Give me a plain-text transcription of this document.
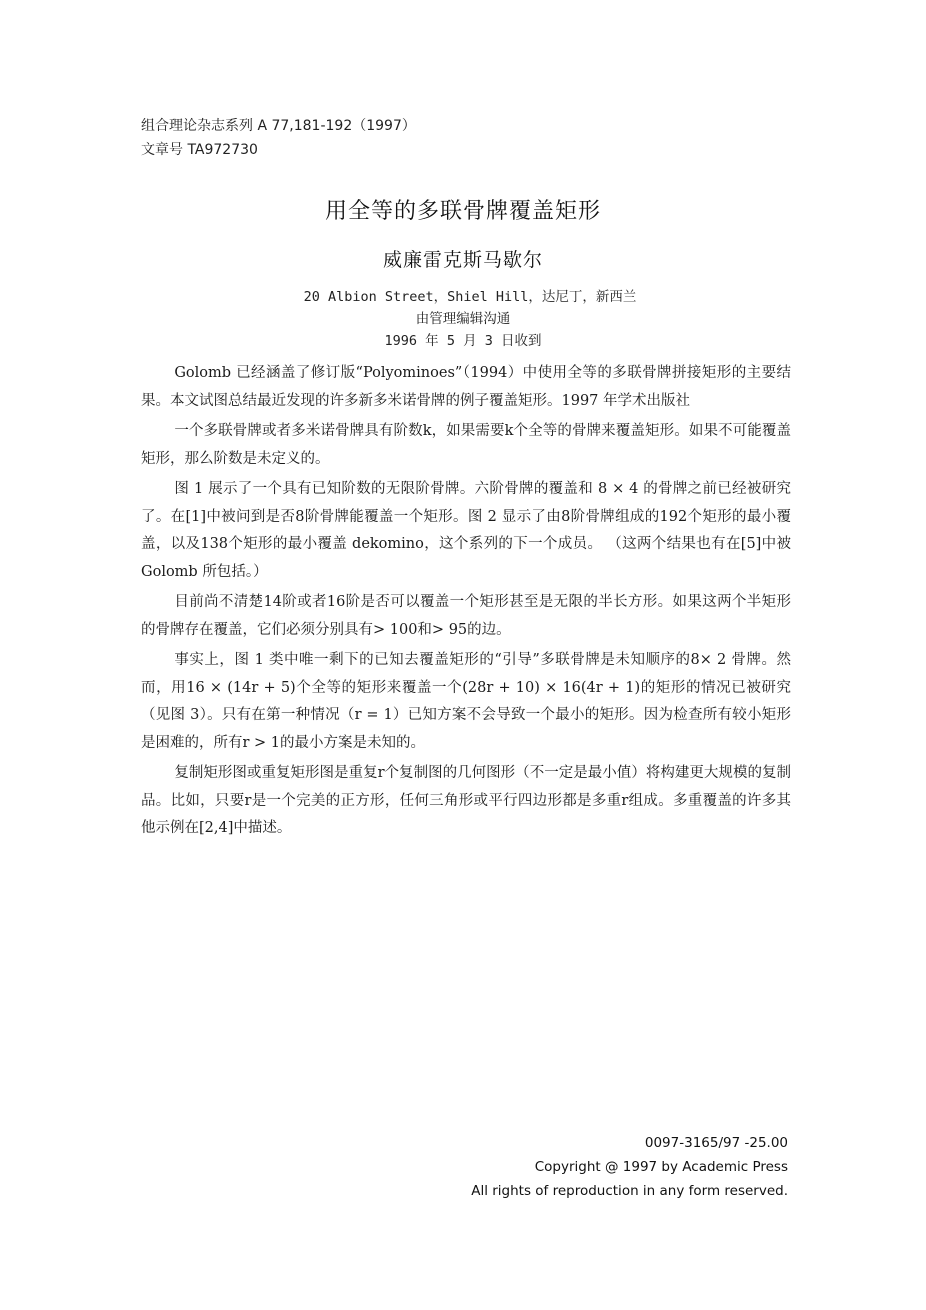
组合理论杂志系列 A 77,181-192（1997）
文章号 TA972730
用全等的多联骨牌覆盖矩形
威廉雷克斯马歇尔
20 Albion Street，Shiel Hill，达尼丁，新西兰
由管理编辑沟通
1996 年 5 月 3 日收到

Golomb 已经涵盖了修订版“Polyominoes”（1994）中使用全等的多联骨牌拼接矩形的主要结果。本文试图总结最近发现的许多新多米诺骨牌的例子覆盖矩形。1997 年学术出版社

一个多联骨牌或者多米诺骨牌具有阶数k，如果需要k个全等的骨牌来覆盖矩形。如果不可能覆盖矩形，那么阶数是未定义的。

图 1 展示了一个具有已知阶数的无限阶骨牌。六阶骨牌的覆盖和 8 × 4 的骨牌之前已经被研究了。在[1]中被问到是否8阶骨牌能覆盖一个矩形。图 2 显示了由8阶骨牌组成的192个矩形的最小覆盖，以及138个矩形的最小覆盖 dekomino，这个系列的下一个成员。 （这两个结果也有在[5]中被 Golomb 所包括。）

目前尚不清楚14阶或者16阶是否可以覆盖一个矩形甚至是无限的半长方形。如果这两个半矩形的骨牌存在覆盖，它们必须分别具有> 100和> 95的边。

事实上，图 1 类中唯一剩下的已知去覆盖矩形的“引导”多联骨牌是未知顺序的8× 2 骨牌。然而，用16 × (14r + 5)个全等的矩形来覆盖一个(28r + 10) × 16(4r + 1)的矩形的情况已被研究（见图 3）。只有在第一种情况（r = 1）已知方案不会导致一个最小的矩形。因为检查所有较小矩形是困难的，所有r > 1的最小方案是未知的。

复制矩形图或重复矩形图是重复r个复制图的几何图形（不一定是最小值）将构建更大规模的复制品。比如，只要r是一个完美的正方形，任何三角形或平行四边形都是多重r组成。多重覆盖的许多其他示例在[2,4]中描述。

0097-3165/97 -25.00
Copyright @ 1997 by Academic Press
All rights of reproduction in any form reserved.
